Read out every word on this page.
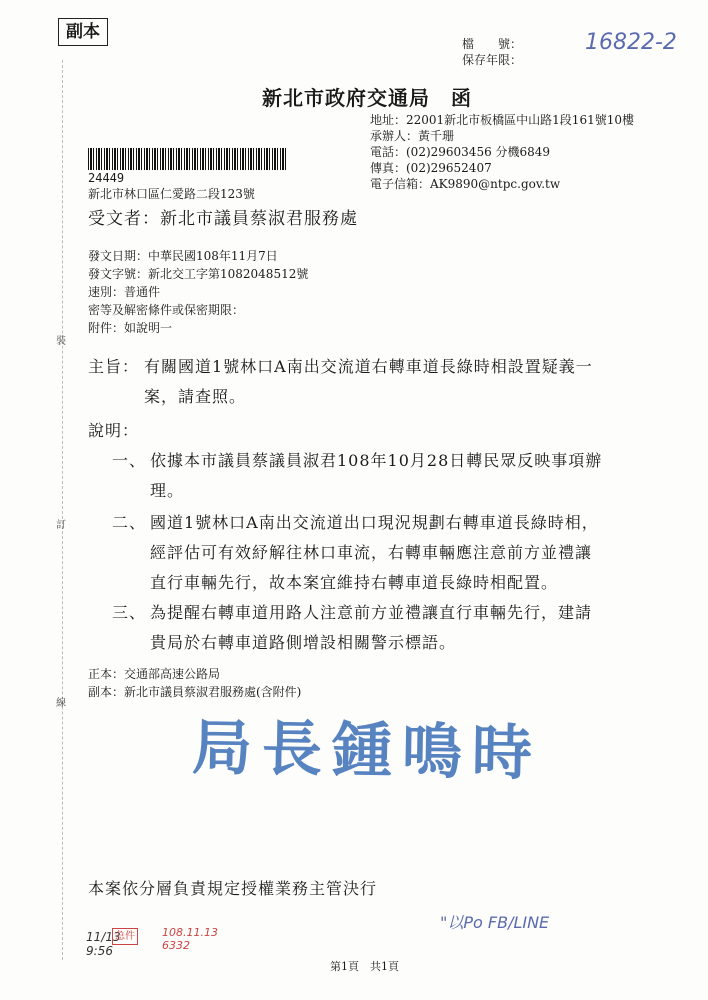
副本
檔　　號：
保存年限：
16822-2
新北市政府交通局　函
地址：22001新北市板橋區中山路1段161號10樓
承辦人：黃千珊
電話：(02)29603456 分機6849
傳真：(02)29652407
電子信箱：AK9890@ntpc.gov.tw
24449
新北市林口區仁愛路二段123號
受文者：新北市議員蔡淑君服務處
發文日期：中華民國108年11月7日
發文字號：新北交工字第1082048512號
速別：普通件
密等及解密條件或保密期限：
附件：如說明一
主旨： 有關國道1號林口A南出交流道右轉車道長綠時相設置疑義一
案，請查照。
說明：
一、 依據本市議員蔡議員淑君108年10月28日轉民眾反映事項辦
理。
二、 國道1號林口A南出交流道出口現況規劃右轉車道長綠時相，
經評估可有效紓解往林口車流，右轉車輛應注意前方並禮讓
直行車輛先行，故本案宜維持右轉車道長綠時相配置。
三、 為提醒右轉車道用路人注意前方並禮讓直行車輛先行，建請
貴局於右轉車道路側增設相關警示標語。
正本：交通部高速公路局
副本：新北市議員蔡淑君服務處(含附件)
局長鍾鳴時
本案依分層負責規定授權業務主管決行
11/13 9:56
急件 108.11.13 6332
"以Po FB/LINE
第1頁　共1頁
裝
訂
線
